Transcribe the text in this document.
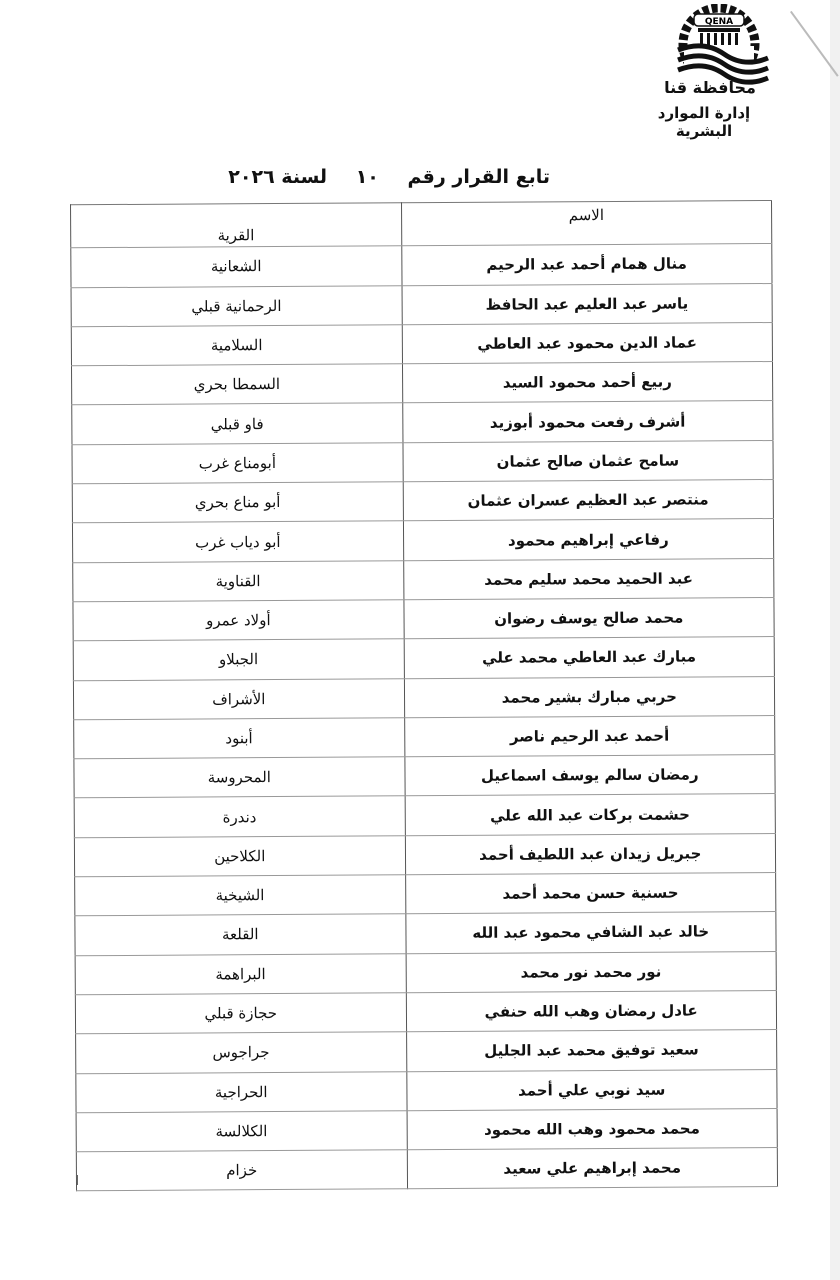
QENA
محافظة قنا
إدارة الموارد البشرية
تابع القرار رقم ١٠ لسنة ٢٠٢٦
الاسم	القرية
منال همام أحمد عبد الرحيم	الشعانية
ياسر عبد العليم عبد الحافظ	الرحمانية قبلي
عماد الدين محمود عبد العاطي	السلامية
ربيع أحمد محمود السيد	السمطا بحري
أشرف رفعت محمود أبوزيد	فاو قبلي
سامح عثمان صالح عثمان	أبومناع غرب
منتصر عبد العظيم عسران عثمان	أبو مناع بحري
رفاعي إبراهيم محمود	أبو دياب غرب
عبد الحميد محمد سليم محمد	القناوية
محمد صالح يوسف رضوان	أولاد عمرو
مبارك عبد العاطي محمد علي	الجبلاو
حربي مبارك بشير محمد	الأشراف
أحمد عبد الرحيم ناصر	أبنود
رمضان سالم يوسف اسماعيل	المحروسة
حشمت بركات عبد الله علي	دندرة
جبريل زيدان عبد اللطيف أحمد	الكلاحين
حسنية حسن محمد أحمد	الشيخية
خالد عبد الشافي محمود عبد الله	القلعة
نور محمد نور محمد	البراهمة
عادل رمضان وهب الله حنفي	حجازة قبلي
سعيد توفيق محمد عبد الجليل	جراجوس
سيد نوبي علي أحمد	الحراجية
محمد محمود وهب الله محمود	الكلالسة
محمد إبراهيم علي سعيد	خزام
